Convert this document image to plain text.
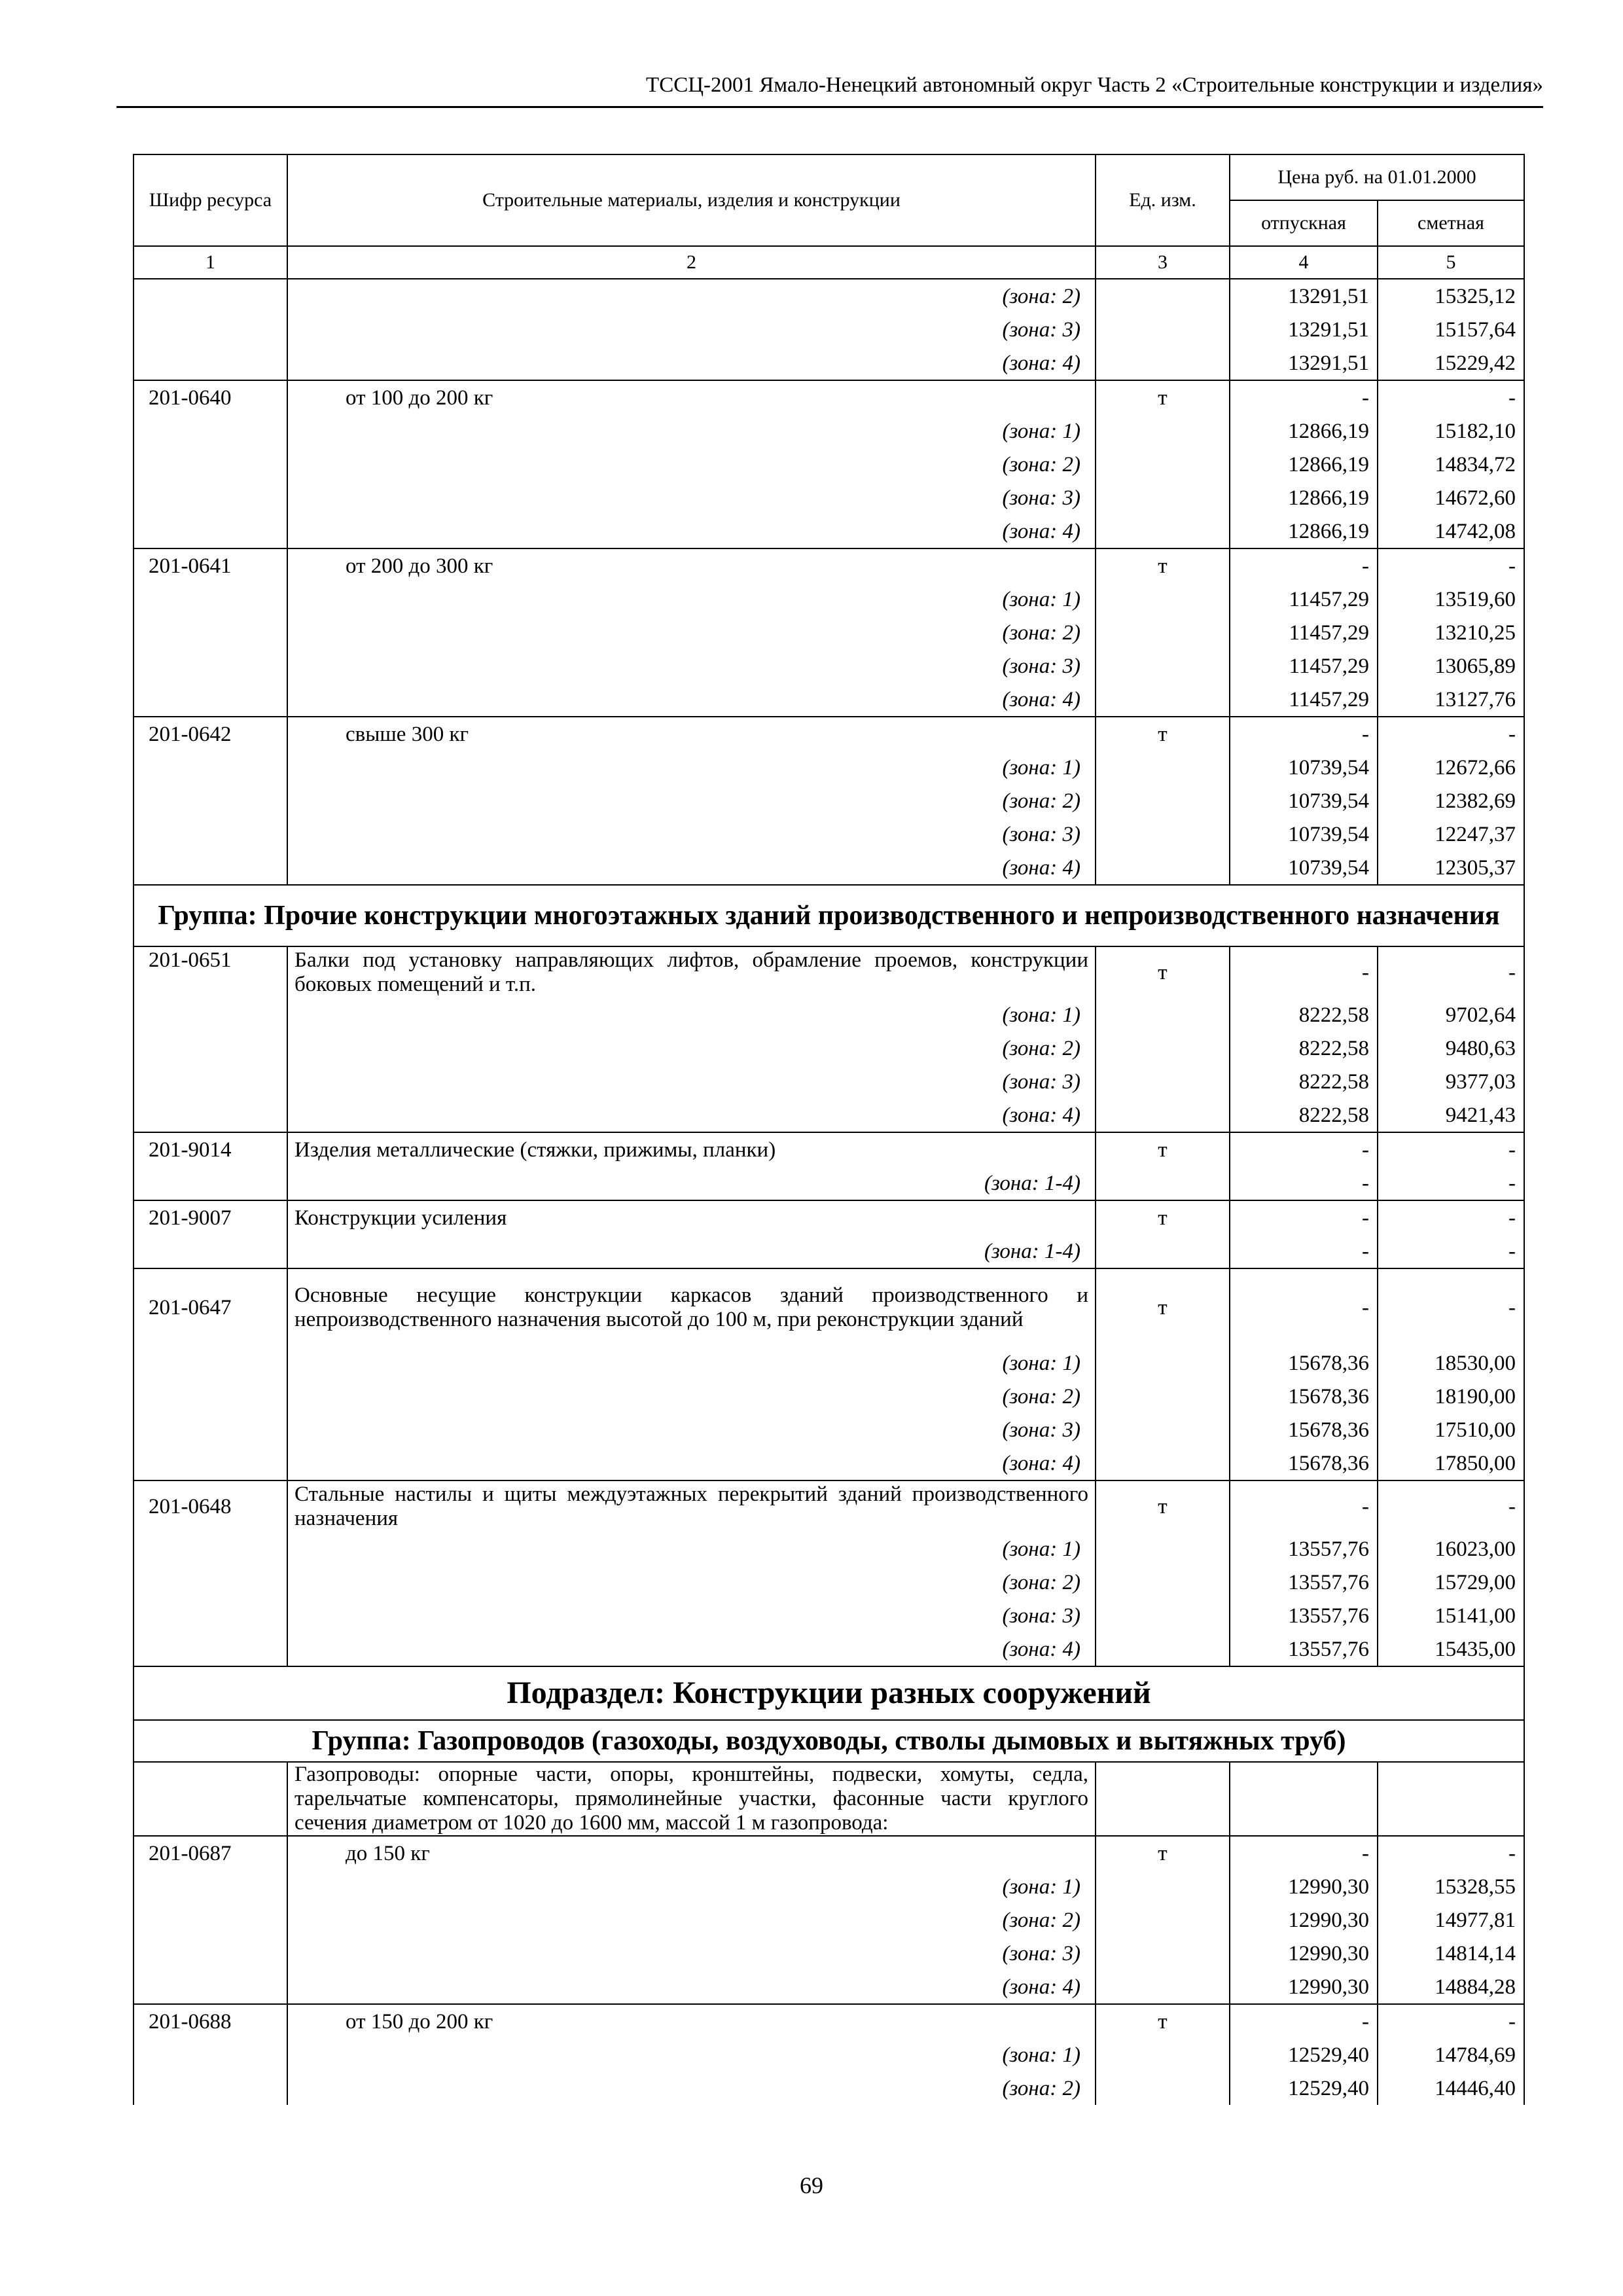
ТССЦ-2001 Ямало-Ненецкий автономный округ Часть 2 «Строительные конструкции и изделия»
Шифр ресурса	Строительные материалы, изделия и конструкции	Ед. изм.	Цена руб. на 01.01.2000	
			отпускная	сметная
1	2	3	4	5
	(зона: 2)		13291,51	15325,12
	(зона: 3)		13291,51	15157,64
	(зона: 4)		13291,51	15229,42
201-0640	от 100 до 200 кг	т	-	-
	(зона: 1)		12866,19	15182,10
	(зона: 2)		12866,19	14834,72
	(зона: 3)		12866,19	14672,60
	(зона: 4)		12866,19	14742,08
201-0641	от 200 до 300 кг	т	-	-
	(зона: 1)		11457,29	13519,60
	(зона: 2)		11457,29	13210,25
	(зона: 3)		11457,29	13065,89
	(зона: 4)		11457,29	13127,76
201-0642	свыше 300 кг	т	-	-
	(зона: 1)		10739,54	12672,66
	(зона: 2)		10739,54	12382,69
	(зона: 3)		10739,54	12247,37
	(зона: 4)		10739,54	12305,37
Группа: Прочие конструкции многоэтажных зданий производственного и непроизводственного назначения				
201-0651	Балки под установку направляющих лифтов, обрамление проемов, конструкции боковых помещений и т.п.	т	-	-
	(зона: 1)		8222,58	9702,64
	(зона: 2)		8222,58	9480,63
	(зона: 3)		8222,58	9377,03
	(зона: 4)		8222,58	9421,43
201-9014	Изделия металлические (стяжки, прижимы, планки)	т	-	-
	(зона: 1-4)		-	-
201-9007	Конструкции усиления	т	-	-
	(зона: 1-4)		-	-
201-0647	Основные несущие конструкции каркасов зданий производственного и непроизводственного назначения высотой до 100 м, при реконструкции зданий	т	-	-
	(зона: 1)		15678,36	18530,00
	(зона: 2)		15678,36	18190,00
	(зона: 3)		15678,36	17510,00
	(зона: 4)		15678,36	17850,00
201-0648	Стальные настилы и щиты междуэтажных перекрытий зданий производственного назначения	т	-	-
	(зона: 1)		13557,76	16023,00
	(зона: 2)		13557,76	15729,00
	(зона: 3)		13557,76	15141,00
	(зона: 4)		13557,76	15435,00
Подраздел: Конструкции разных сооружений				
Группа: Газопроводов (газоходы, воздуховоды, стволы дымовых и вытяжных труб)				
	Газопроводы: опорные части, опоры, кронштейны, подвески, хомуты, седла, тарельчатые компенсаторы, прямолинейные участки, фасонные части круглого сечения диаметром от 1020 до 1600 мм, массой 1 м газопровода:			
201-0687	до 150 кг	т	-	-
	(зона: 1)		12990,30	15328,55
	(зона: 2)		12990,30	14977,81
	(зона: 3)		12990,30	14814,14
	(зона: 4)		12990,30	14884,28
201-0688	от 150 до 200 кг	т	-	-
	(зона: 1)		12529,40	14784,69
	(зона: 2)		12529,40	14446,40
69
